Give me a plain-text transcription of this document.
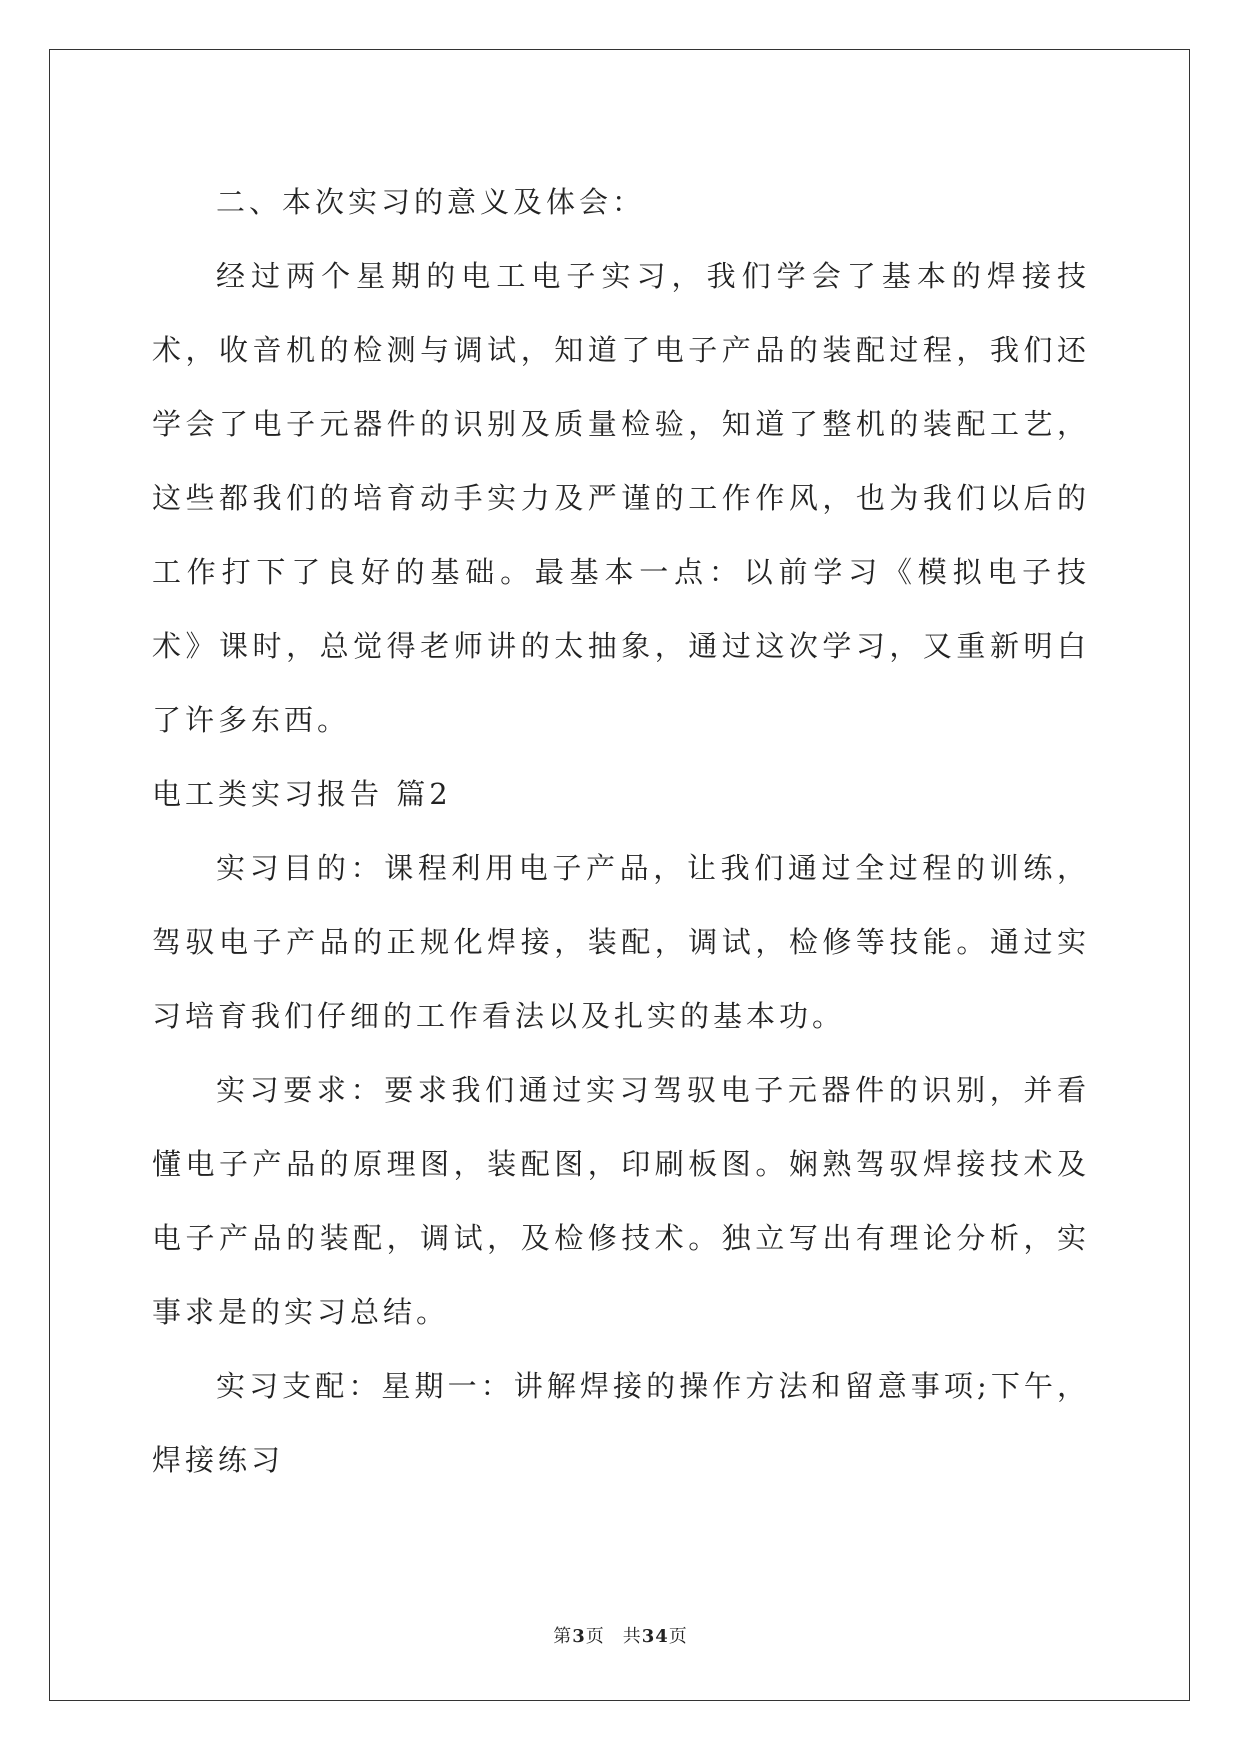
二、本次实习的意义及体会：

经过两个星期的电工电子实习，我们学会了基本的焊接技术，收音机的检测与调试，知道了电子产品的装配过程，我们还学会了电子元器件的识别及质量检验，知道了整机的装配工艺，这些都我们的培育动手实力及严谨的工作作风，也为我们以后的工作打下了良好的基础。最基本一点：以前学习《模拟电子技术》课时，总觉得老师讲的太抽象，通过这次学习，又重新明白了许多东西。

电工类实习报告 篇2

实习目的：课程利用电子产品，让我们通过全过程的训练，驾驭电子产品的正规化焊接，装配，调试，检修等技能。通过实习培育我们仔细的工作看法以及扎实的基本功。

实习要求：要求我们通过实习驾驭电子元器件的识别，并看懂电子产品的原理图，装配图，印刷板图。娴熟驾驭焊接技术及电子产品的装配，调试，及检修技术。独立写出有理论分析，实事求是的实习总结。

实习支配：星期一：讲解焊接的操作方法和留意事项;下午，焊接练习

第3页 共34页
